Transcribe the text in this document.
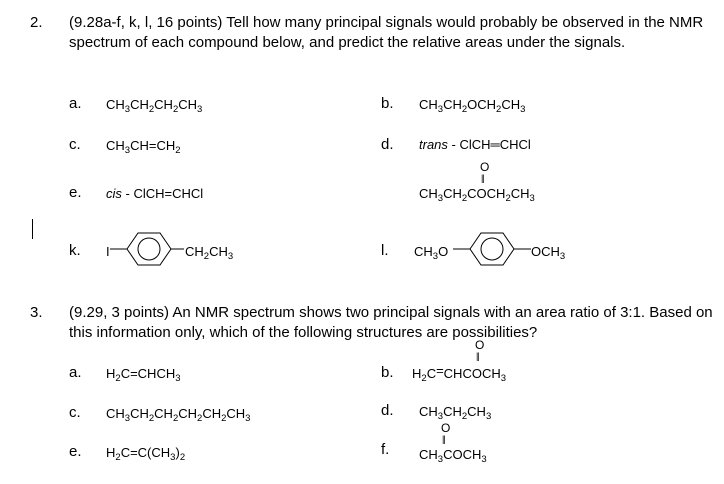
2. (9.28a-f, k, l, 16 points) Tell how many principal signals would probably be observed in the NMR spectrum of each compound below, and predict the relative areas under the signals.
a. $CH_3CH_2CH_2CH_3$	b. $CH_3CH_2OCH_2CH_3$
c. $CH_3CH=CH_2$	d. trans - ClCH═CHCl
e. cis - ClCH=CHCl
O
||
$CH_3CH_2COCH_2CH_3$
k. I	$CH_2CH_3$	l. $CH_3O$	$OCH_3$
3. (9.29, 3 points) An NMR spectrum shows two principal signals with an area ratio of 3:1. Based on this information only, which of the following structures are possibilities?
a. $H_2C=CHCH_3$	b.
O
||
$H_2C=CHCOCH_3$
c. $CH_3CH_2CH_2CH_2CH_2CH_3$	d. $CH_3CH_2CH_3$
e. $H_2C=C(CH_3)_2$	f.
O
||
$CH_3COCH_3$
